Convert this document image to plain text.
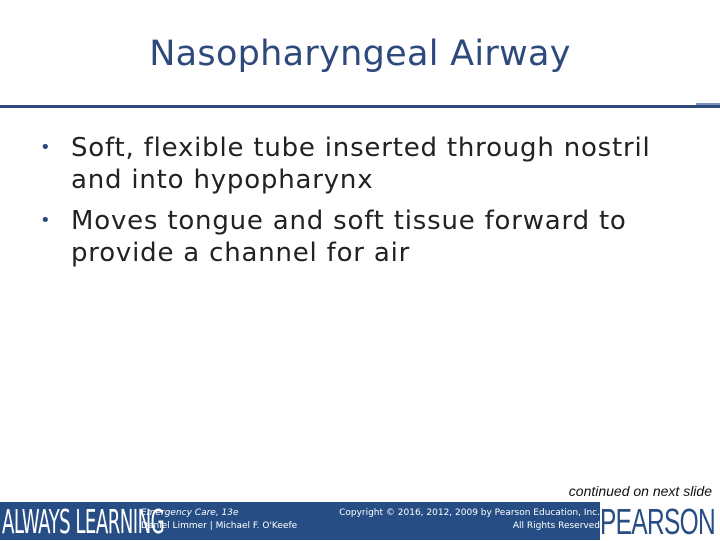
Nasopharyngeal Airway
• Soft, flexible tube inserted through nostril and into hypopharynx
• Moves tongue and soft tissue forward to provide a channel for air
continued on next slide
ALWAYS LEARNING
Emergency Care, 13e
Daniel Limmer | Michael F. O'Keefe
Copyright © 2016, 2012, 2009 by Pearson Education, Inc.
All Rights Reserved PEARSON
